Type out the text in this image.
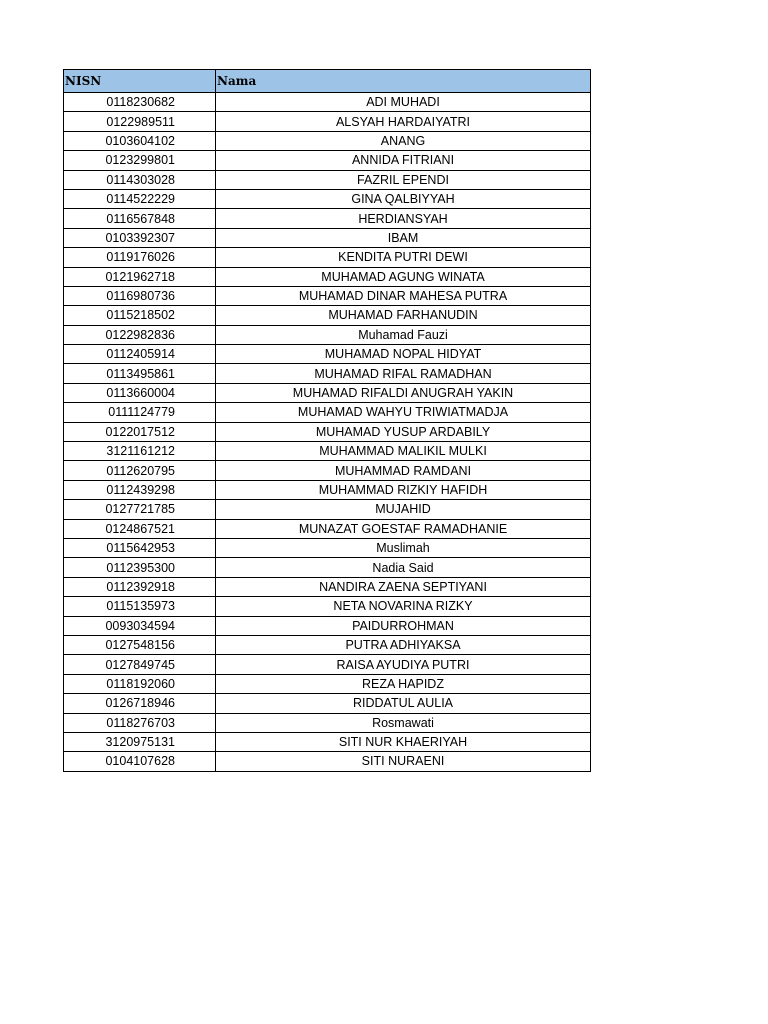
NISN	Nama
0118230682	ADI MUHADI
0122989511	ALSYAH HARDAIYATRI
0103604102	ANANG
0123299801	ANNIDA FITRIANI
0114303028	FAZRIL EPENDI
0114522229	GINA QALBIYYAH
0116567848	HERDIANSYAH
0103392307	IBAM
0119176026	KENDITA PUTRI DEWI
0121962718	MUHAMAD AGUNG WINATA
0116980736	MUHAMAD DINAR MAHESA PUTRA
0115218502	MUHAMAD FARHANUDIN
0122982836	Muhamad Fauzi
0112405914	MUHAMAD NOPAL HIDYAT
0113495861	MUHAMAD RIFAL RAMADHAN
0113660004	MUHAMAD RIFALDI ANUGRAH YAKIN
0111124779	MUHAMAD WAHYU TRIWIATMADJA
0122017512	MUHAMAD YUSUP ARDABILY
3121161212	MUHAMMAD MALIKIL MULKI
0112620795	MUHAMMAD RAMDANI
0112439298	MUHAMMAD RIZKIY HAFIDH
0127721785	MUJAHID
0124867521	MUNAZAT GOESTAF RAMADHANIE
0115642953	Muslimah
0112395300	Nadia Said
0112392918	NANDIRA ZAENA SEPTIYANI
0115135973	NETA NOVARINA RIZKY
0093034594	PAIDURROHMAN
0127548156	PUTRA ADHIYAKSA
0127849745	RAISA AYUDIYA PUTRI
0118192060	REZA HAPIDZ
0126718946	RIDDATUL AULIA
0118276703	Rosmawati
3120975131	SITI NUR KHAERIYAH
0104107628	SITI NURAENI
